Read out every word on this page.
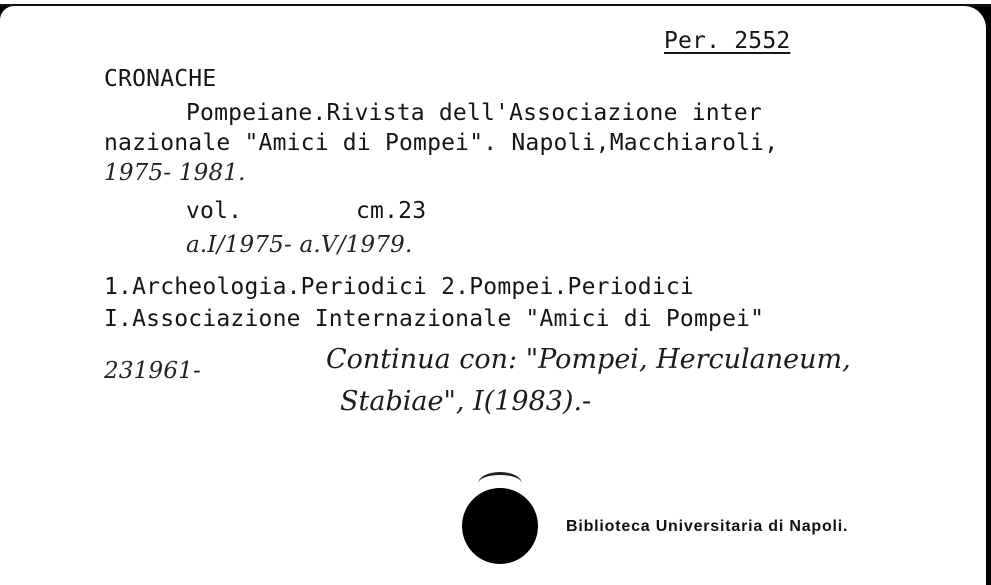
Per. 2552
CRONACHE
Pompeiane.Rivista dell'Associazione inter
nazionale "Amici di Pompei". Napoli,Macchiaroli,
1975- 1981.
vol.	cm.23
a.I/1975- a.V/1979.
1.Archeologia.Periodici 2.Pompei.Periodici
I.Associazione Internazionale "Amici di Pompei"
231961-	Continua con: "Pompei, Herculaneum,
Stabiae", I(1983).-
Biblioteca Universitaria di Napoli.
